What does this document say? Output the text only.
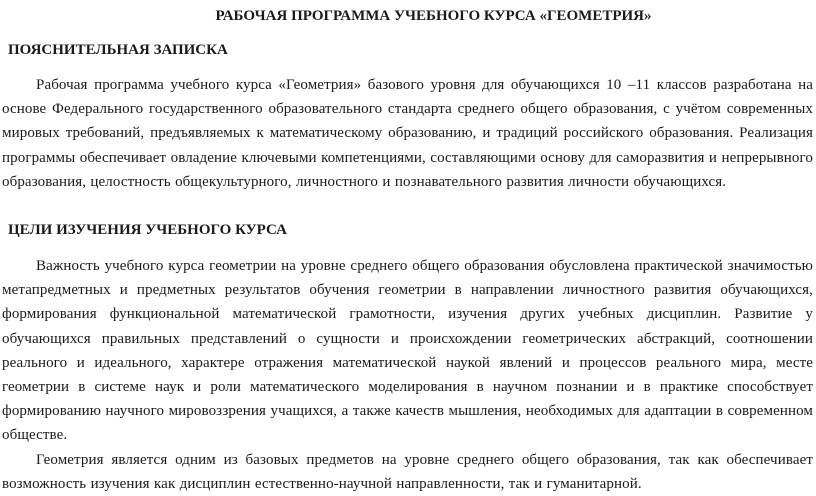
РАБОЧАЯ ПРОГРАММА УЧЕБНОГО КУРСА «ГЕОМЕТРИЯ»
ПОЯСНИТЕЛЬНАЯ ЗАПИСКА

Рабочая программа учебного курса «Геометрия» базового уровня для обучающихся 10 –11 классов разработана на основе Федерального государственного образовательного стандарта среднего общего образования, с учётом современных мировых требований, предъявляемых к математическому образованию, и традиций российского образования. Реализация программы обеспечивает овладение ключевыми компетенциями, составляющими основу для саморазвития и непрерывного образования, целостность общекультурного, личностного и познавательного развития личности обучающихся.

ЦЕЛИ ИЗУЧЕНИЯ УЧЕБНОГО КУРСА

Важность учебного курса геометрии на уровне среднего общего образования обусловлена практической значимостью метапредметных и предметных результатов обучения геометрии в направлении личностного развития обучающихся, формирования функциональной математической грамотности, изучения других учебных дисциплин. Развитие у обучающихся правильных представлений о сущности и происхождении геометрических абстракций, соотношении реального и идеального, характере отражения математической наукой явлений и процессов реального мира, месте геометрии в системе наук и роли математического моделирования в научном познании и в практике способствует формированию научного мировоззрения учащихся, а также качеств мышления, необходимых для адаптации в современном обществе.

Геометрия является одним из базовых предметов на уровне среднего общего образования, так как обеспечивает возможность изучения как дисциплин естественно-научной направленности, так и гуманитарной.
